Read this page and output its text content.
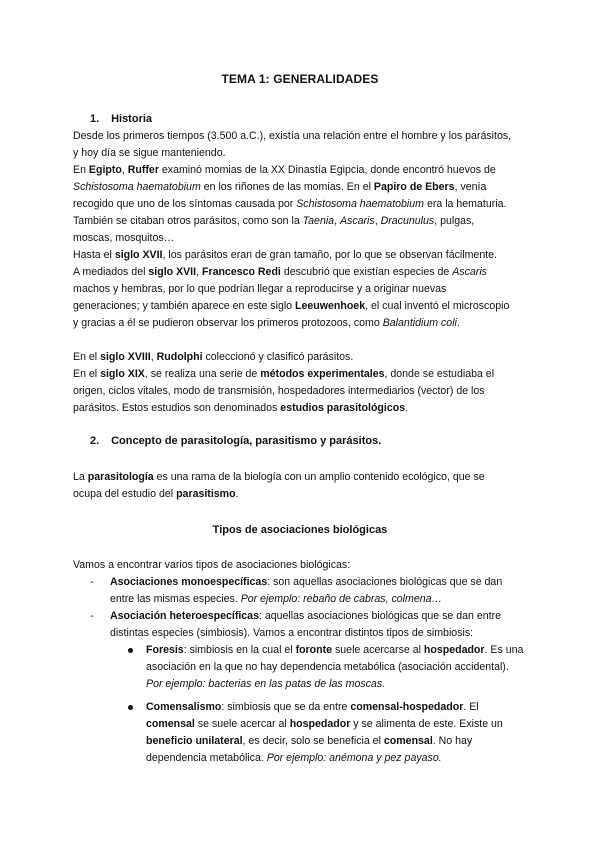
TEMA 1: GENERALIDADES
1. Historia
Desde los primeros tiempos (3.500 a.C.), existía una relación entre el hombre y los parásitos,
y hoy día se sigue manteniendo.
En Egipto, Ruffer examinó momias de la XX Dinastía Egipcia, donde encontró huevos de
Schistosoma haematobium en los riñones de las momias. En el Papiro de Ebers, venía
recogido que uno de los síntomas causada por Schistosoma haematobium era la hematuria.
También se citaban otros parásitos, como son la Taenia, Ascaris, Dracunulus, pulgas,
moscas, mosquitos…
Hasta el siglo XVII, los parásitos eran de gran tamaño, por lo que se observan fácilmente.
A mediados del siglo XVII, Francesco Redi descubrió que existían especies de Ascaris
machos y hembras, por lo que podrían llegar a reproducirse y a originar nuevas
generaciones; y también aparece en este siglo Leeuwenhoek, el cual inventó el microscopio
y gracias a él se pudieron observar los primeros protozoos, como Balantidium coli.
En el siglo XVIII, Rudolphi coleccionó y clasificó parásitos.
En el siglo XIX, se realiza una serie de métodos experimentales, donde se estudiaba el
origen, ciclos vitales, modo de transmisión, hospedadores intermediarios (vector) de los
parásitos. Estos estudios son denominados estudios parasitológicos.
2. Concepto de parasitología, parasitismo y parásitos.
La parasitología es una rama de la biología con un amplio contenido ecológico, que se
ocupa del estudio del parasitismo.
Tipos de asociaciones biológicas
Vamos a encontrar varios tipos de asociaciones biológicas:
- Asociaciones monoespecíficas: son aquellas asociaciones biológicas que se dan
entre las mismas especies. Por ejemplo: rebaño de cabras, colmena…
- Asociación heteroespecíficas: aquellas asociaciones biológicas que se dan entre
distintas especies (simbiosis). Vamos a encontrar distintos tipos de simbiosis:
Foresis: simbiosis en la cual el foronte suele acercarse al hospedador. Es una
asociación en la que no hay dependencia metabólica (asociación accidental).
Por ejemplo: bacterias en las patas de las moscas.
Comensalismo: simbiosis que se da entre comensal-hospedador. El
comensal se suele acercar al hospedador y se alimenta de este. Existe un
beneficio unilateral, es decir, solo se beneficia el comensal. No hay
dependencia metabólica. Por ejemplo: anémona y pez payaso.
